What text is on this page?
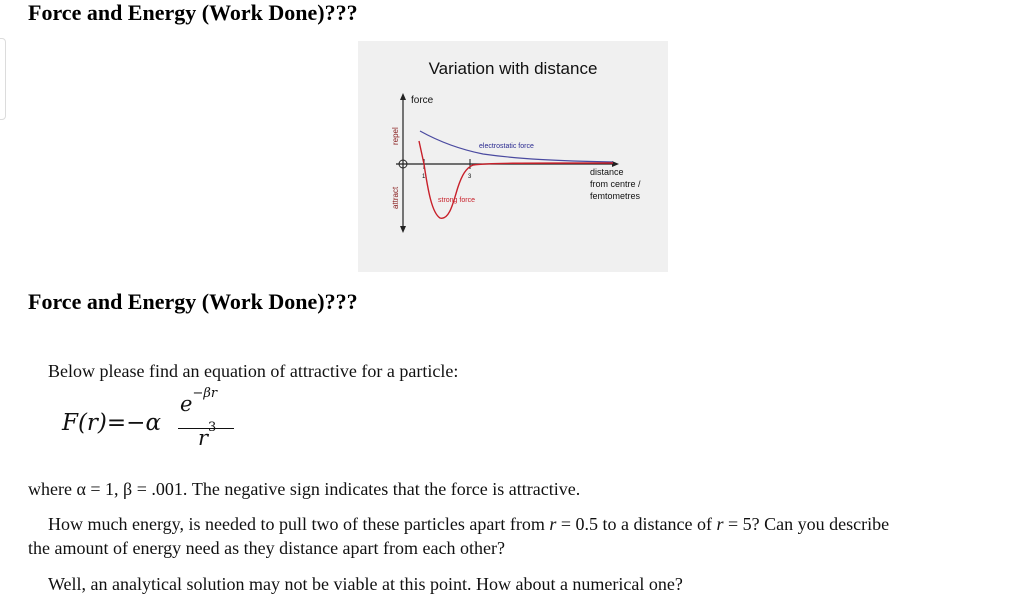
Force and Energy (Work Done)???
Variation with distance
force
repel
attract
1	3
electrostatic force
strong force
distance
from centre /
femtometres
Force and Energy (Work Done)???
Below please find an equation of attractive for a particle:
F(r)=−α
$e^{-\beta r}$
$r^3$
where α = 1, β = .001. The negative sign indicates that the force is attractive.
How much energy, is needed to pull two of these particles apart from r = 0.5 to a distance of r = 5? Can you describe
the amount of energy need as they distance apart from each other?
Well, an analytical solution may not be viable at this point. How about a numerical one?
